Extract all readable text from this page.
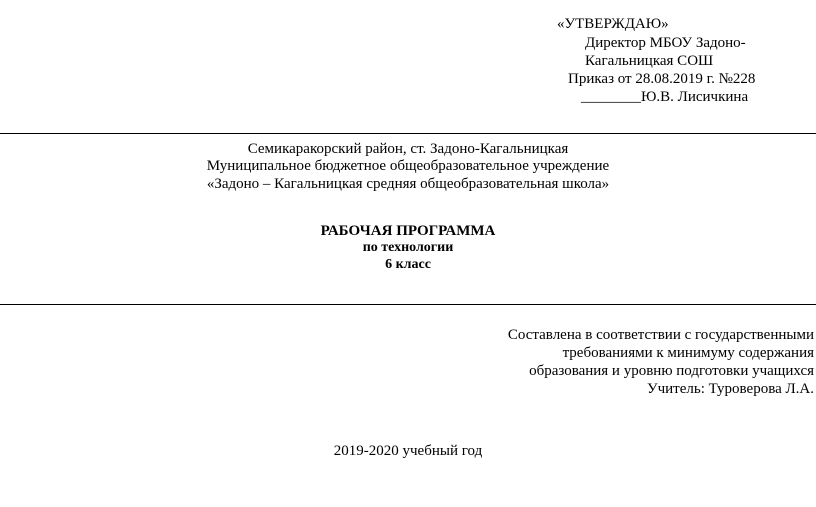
«УТВЕРЖДАЮ»
Директор МБОУ Задоно-
Кагальницкая СОШ
Приказ от 28.08.2019 г. №228
________Ю.В. Лисичкина
Семикаракорский район, ст. Задоно-Кагальницкая
Муниципальное бюджетное общеобразовательное учреждение
«Задоно – Кагальницкая средняя общеобразовательная школа»
РАБОЧАЯ ПРОГРАММА
по технологии
6 класс
Составлена в соответствии с государственными
требованиями к минимуму содержания
образования и уровню подготовки учащихся
Учитель: Туроверова Л.А.
2019-2020 учебный год
